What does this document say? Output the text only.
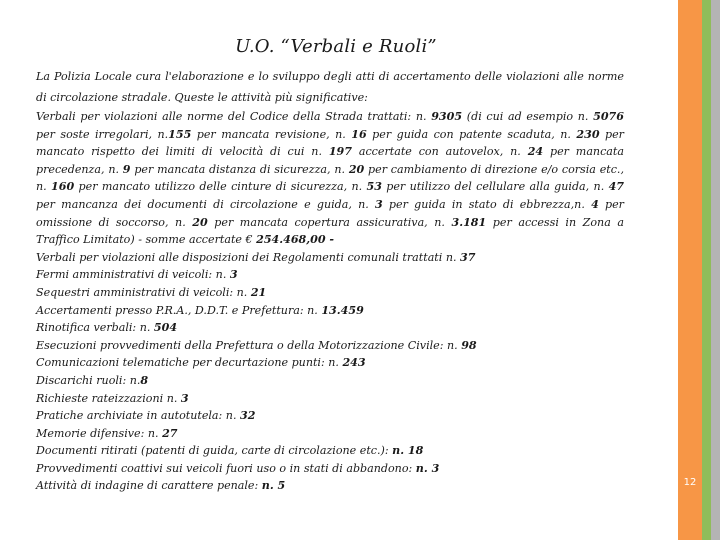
U.O. “Verbali e Ruoli”

La Polizia Locale cura l'elaborazione e lo sviluppo degli atti di accertamento delle violazioni alle norme di circolazione stradale. Queste le attività più significative:

Verbali per violazioni alle norme del Codice della Strada trattati: n. 9305 (di cui ad esempio n. 5076 per soste irregolari, n.155 per mancata revisione, n. 16 per guida con patente scaduta, n. 230 per mancato rispetto dei limiti di velocità di cui n. 197 accertate con autovelox, n. 24 per mancata precedenza, n. 9 per mancata distanza di sicurezza, n. 20 per cambiamento di direzione e/o corsia etc., n. 160 per mancato utilizzo delle cinture di sicurezza, n. 53 per utilizzo del cellulare alla guida, n. 47 per mancanza dei documenti di circolazione e guida, n. 3 per guida in stato di ebbrezza,n. 4 per omissione di soccorso, n. 20 per mancata copertura assicurativa, n. 3.181 per accessi in Zona a Traffico Limitato) - somme accertate € 254.468,00 -

Verbali per violazioni alle disposizioni dei Regolamenti comunali trattati n. 37

Fermi amministrativi di veicoli: n. 3

Sequestri amministrativi di veicoli: n. 21

Accertamenti presso P.R.A., D.D.T. e Prefettura: n. 13.459

Rinotifica verbali: n. 504

Esecuzioni provvedimenti della Prefettura o della Motorizzazione Civile: n. 98

Comunicazioni telematiche per decurtazione punti: n. 243

Discarichi ruoli: n.8

Richieste rateizzazioni n. 3

Pratiche archiviate in autotutela: n. 32

Memorie difensive: n. 27

Documenti ritirati (patenti di guida, carte di circolazione etc.): n. 18

Provvedimenti coattivi sui veicoli fuori uso o in stati di abbandono: n. 3

Attività di indagine di carattere penale: n. 5	12
